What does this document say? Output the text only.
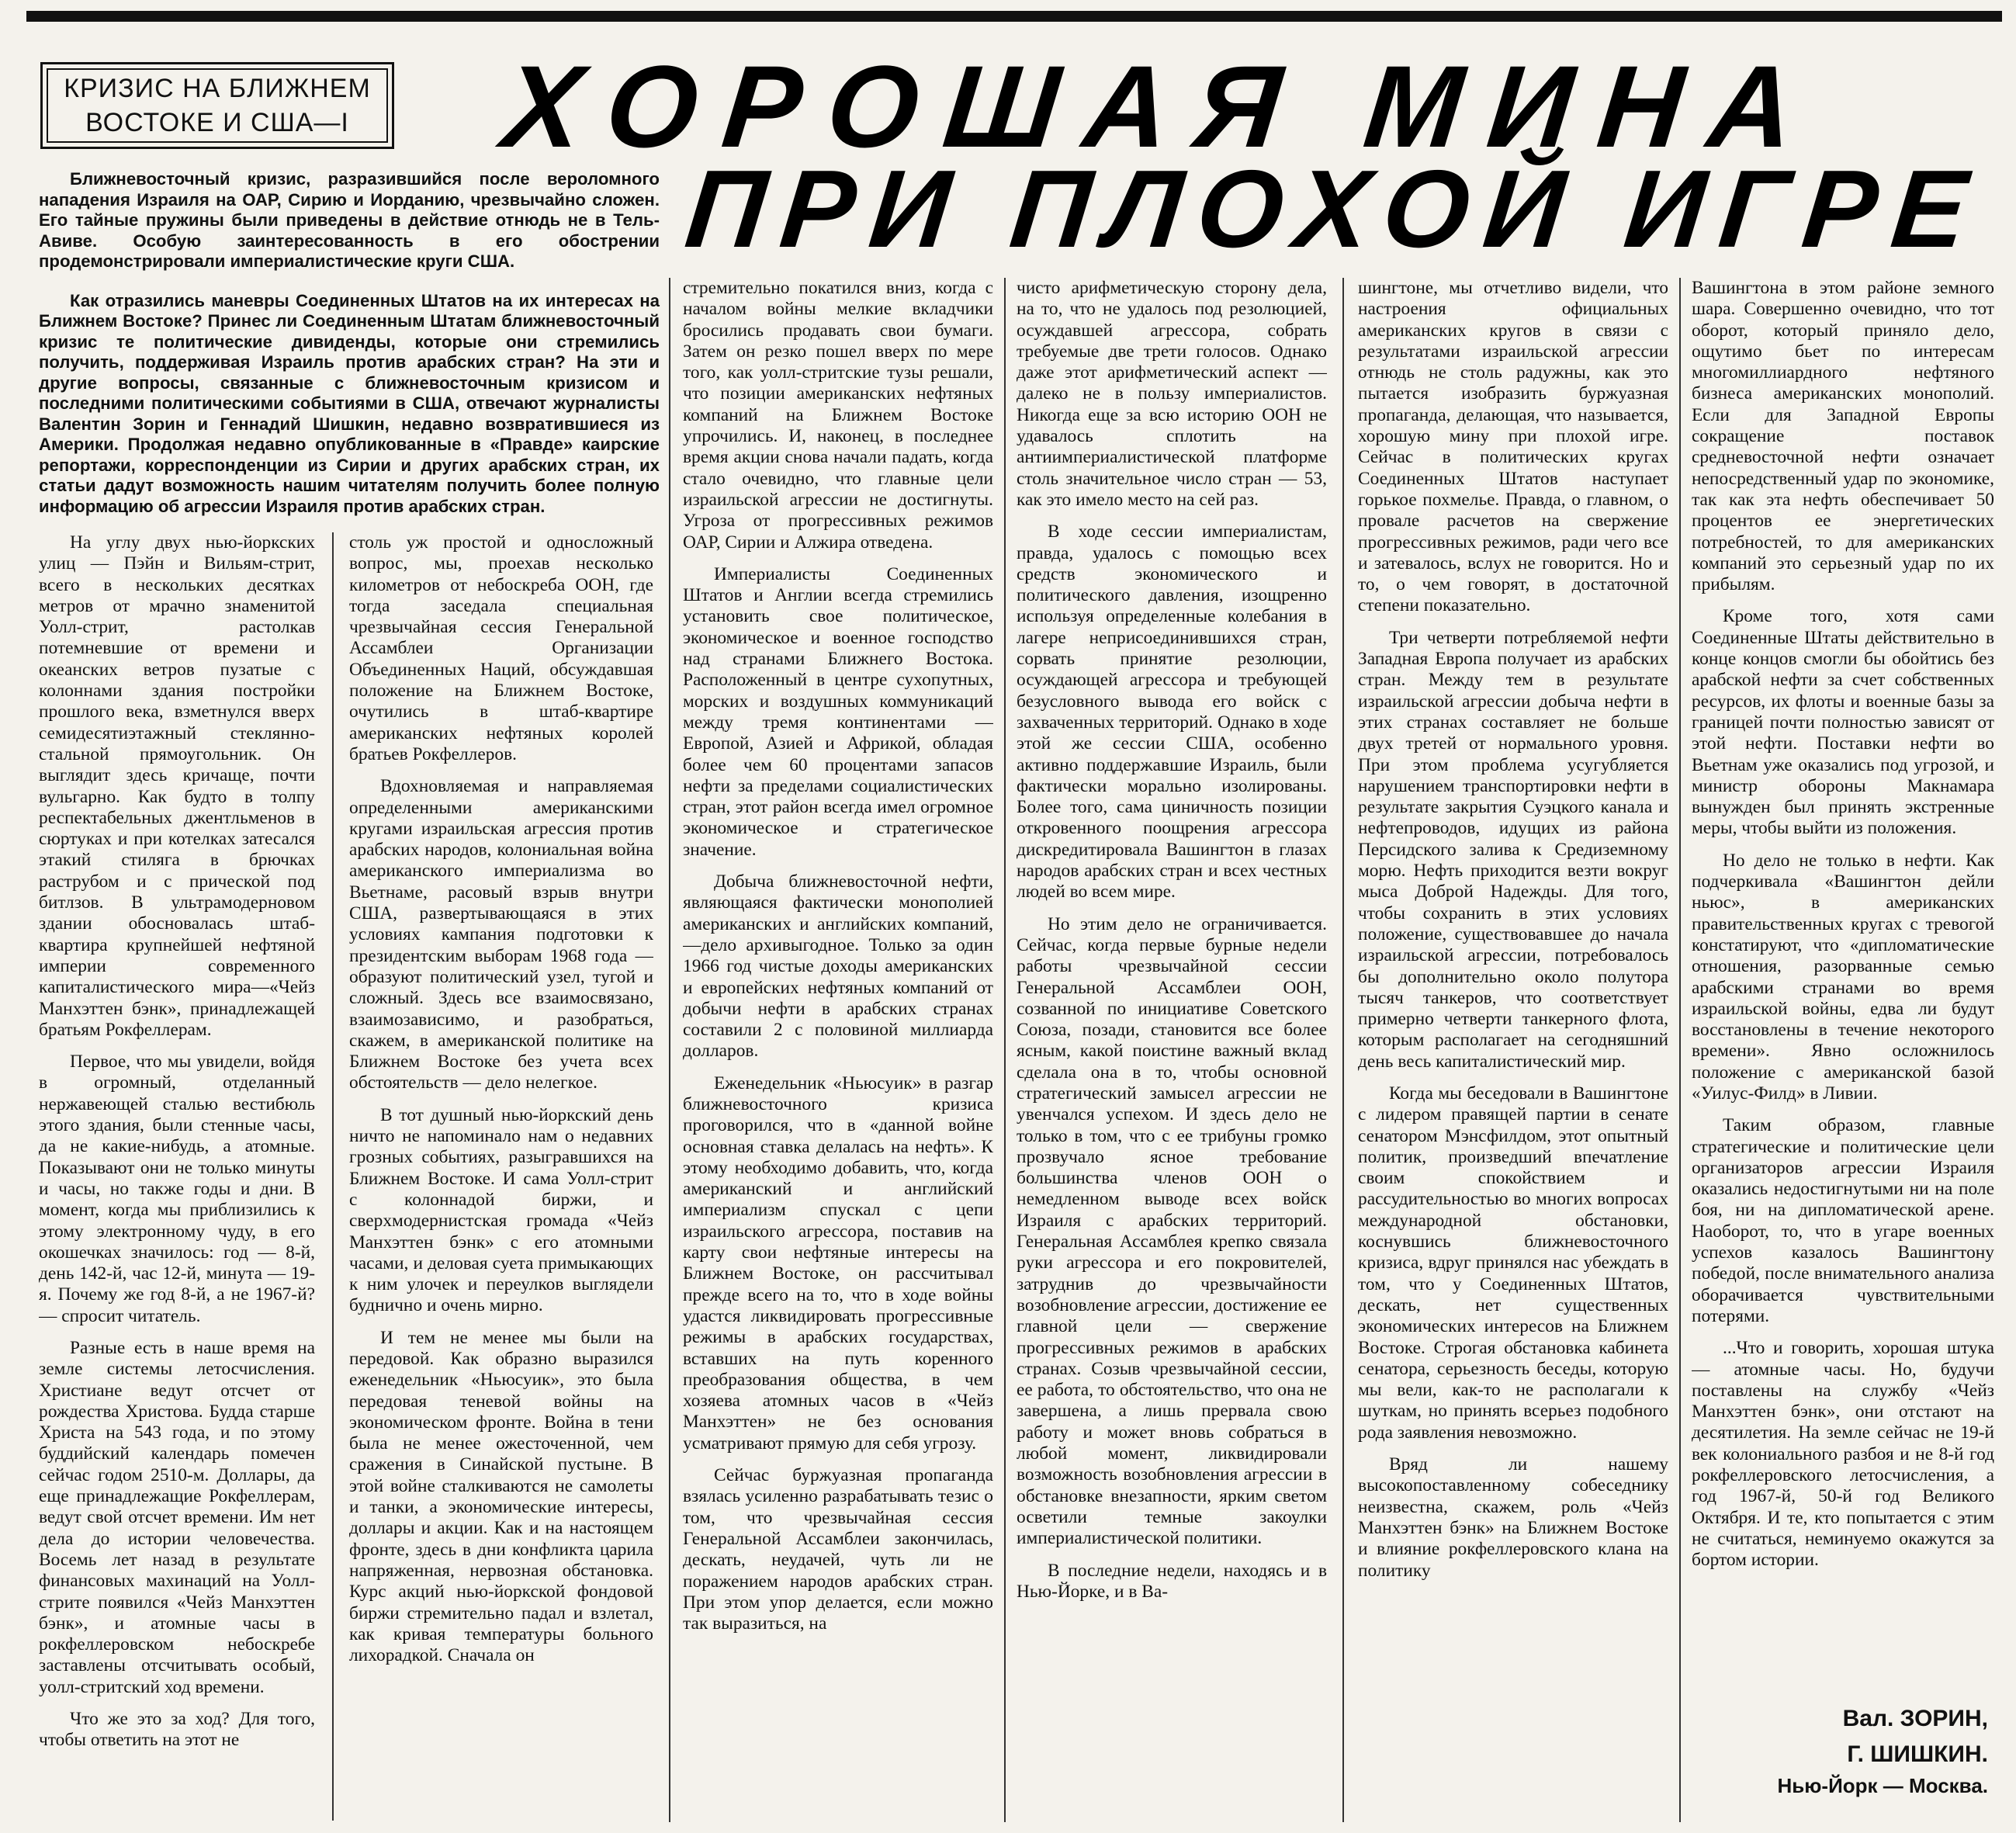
КРИЗИС НА БЛИЖНЕМ
ВОСТОКЕ И США—I	ХОРОШАЯ МИНА
ПРИ ПЛОХОЙ ИГРЕ

Ближневосточный кризис, разразившийся после вероломного нападения Израиля на ОАР, Сирию и Иорданию, чрезвычайно сложен. Его тайные пружины были приведены в действие отнюдь не в Тель-Авиве. Особую заинтересованность в его обострении продемонстрировали империалистические круги США.

Как отразились маневры Соединенных Штатов на их интересах на Ближнем Востоке? Принес ли Соединенным Штатам ближневосточный кризис те политические дивиденды, которые они стремились получить, поддерживая Израиль против арабских стран? На эти и другие вопросы, связанные с ближневосточным кризисом и последними политическими событиями в США, отвечают журналисты Валентин Зорин и Геннадий Шишкин, недавно возвратившиеся из Америки. Продолжая недавно опубликованные в «Правде» каирские репортажи, корреспонденции из Сирии и других арабских стран, их статьи дадут возможность нашим читателям получить более полную информацию об агрессии Израиля против арабских стран.

На углу двух нью-йоркских улиц — Пэйн и Вильям-стрит, всего в нескольких десятках метров от мрачно знаменитой Уолл-стрит, растолкав потемневшие от времени и океанских ветров пузатые с колоннами здания постройки прошлого века, взметнулся вверх семидесятиэтажный стеклянно-стальной прямоугольник. Он выглядит здесь кричаще, почти вульгарно. Как будто в толпу респектабельных джентльменов в сюртуках и при котелках затесался этакий стиляга в брючках раструбом и с прической под битлзов. В ультрамодерновом здании обосновалась штаб-квартира крупнейшей нефтяной империи современного капиталистического мира—«Чейз Манхэттен бэнк», принадлежащей братьям Рокфеллерам.

Первое, что мы увидели, войдя в огромный, отделанный нержавеющей сталью вестибюль этого здания, были стенные часы, да не какие-нибудь, а атомные. Показывают они не только минуты и часы, но также годы и дни. В момент, когда мы приблизились к этому электронному чуду, в его окошечках значилось: год — 8-й, день 142-й, час 12-й, минута — 19-я. Почему же год 8-й, а не 1967-й? — спросит читатель.

Разные есть в наше время на земле системы летосчисления. Христиане ведут отсчет от рождества Христова. Будда старше Христа на 543 года, и по этому буддийский календарь помечен сейчас годом 2510-м. Доллары, да еще принадлежащие Рокфеллерам, ведут свой отсчет времени. Им нет дела до истории человечества. Восемь лет назад в результате финансовых махинаций на Уолл-стрите появился «Чейз Манхэттен бэнк», и атомные часы в рокфеллеровском небоскребе заставлены отсчитывать особый, уолл-стритский ход времени.

Что же это за ход? Для того, чтобы ответить на этот не

столь уж простой и односложный вопрос, мы, проехав несколько километров от небоскреба ООН, где тогда заседала специальная чрезвычайная сессия Генеральной Ассамблеи Организации Объединенных Наций, обсуждавшая положение на Ближнем Востоке, очутились в штаб-квартире американских нефтяных королей братьев Рокфеллеров.

Вдохновляемая и направляемая определенными американскими кругами израильская агрессия против арабских народов, колониальная война американского империализма во Вьетнаме, расовый взрыв внутри США, развертывающаяся в этих условиях кампания подготовки к президентским выборам 1968 года — образуют политический узел, тугой и сложный. Здесь все взаимосвязано, взаимозависимо, и разобраться, скажем, в американской политике на Ближнем Востоке без учета всех обстоятельств — дело нелегкое.

В тот душный нью-йоркский день ничто не напоминало нам о недавних грозных событиях, разыгравшихся на Ближнем Востоке. И сама Уолл-стрит с колоннадой биржи, и сверхмодернистская громада «Чейз Манхэттен бэнк» с его атомными часами, и деловая суета примыкающих к ним улочек и переулков выглядели буднично и очень мирно.

И тем не менее мы были на передовой. Как образно выразился еженедельник «Ньюсуик», это была передовая теневой войны на экономическом фронте. Война в тени была не менее ожесточенной, чем сражения в Синайской пустыне. В этой войне сталкиваются не самолеты и танки, а экономические интересы, доллары и акции. Как и на настоящем фронте, здесь в дни конфликта царила напряженная, нервозная обстановка. Курс акций нью-йоркской фондовой биржи стремительно падал и взлетал, как кривая температуры больного лихорадкой. Сначала он

стремительно покатился вниз, когда с началом войны мелкие вкладчики бросились продавать свои бумаги. Затем он резко пошел вверх по мере того, как уолл-стритские тузы решали, что позиции американских нефтяных компаний на Ближнем Востоке упрочились. И, наконец, в последнее время акции снова начали падать, когда стало очевидно, что главные цели израильской агрессии не достигнуты. Угроза от прогрессивных режимов ОАР, Сирии и Алжира отведена.

Империалисты Соединенных Штатов и Англии всегда стремились установить свое политическое, экономическое и военное господство над странами Ближнего Востока. Расположенный в центре сухопутных, морских и воздушных коммуникаций между тремя континентами — Европой, Азией и Африкой, обладая более чем 60 процентами запасов нефти за пределами социалистических стран, этот район всегда имел огромное экономическое и стратегическое значение.

Добыча ближневосточной нефти, являющаяся фактически монополией американских и английских компаний,—дело архивыгодное. Только за один 1966 год чистые доходы американских и европейских нефтяных компаний от добычи нефти в арабских странах составили 2 с половиной миллиарда долларов.

Еженедельник «Ньюсуик» в разгар ближневосточного кризиса проговорился, что в «данной войне основная ставка делалась на нефть». К этому необходимо добавить, что, когда американский и английский империализм спускал с цепи израильского агрессора, поставив на карту свои нефтяные интересы на Ближнем Востоке, он рассчитывал прежде всего на то, что в ходе войны удастся ликвидировать прогрессивные режимы в арабских государствах, вставших на путь коренного преобразования общества, в чем хозяева атомных часов в «Чейз Манхэттен» не без основания усматривают прямую для себя угрозу.

Сейчас буржуазная пропаганда взялась усиленно разрабатывать тезис о том, что чрезвычайная сессия Генеральной Ассамблеи закончилась, дескать, неудачей, чуть ли не поражением народов арабских стран. При этом упор делается, если можно так выразиться, на

чисто арифметическую сторону дела, на то, что не удалось под резолюцией, осуждавшей агрессора, собрать требуемые две трети голосов. Однако даже этот арифметический аспект — далеко не в пользу империалистов. Никогда еще за всю историю ООН не удавалось сплотить на антиимпериалистической платформе столь значительное число стран — 53, как это имело место на сей раз.

В ходе сессии империалистам, правда, удалось с помощью всех средств экономического и политического давления, изощренно используя определенные колебания в лагере неприсоединившихся стран, сорвать принятие резолюции, осуждающей агрессора и требующей безусловного вывода его войск с захваченных территорий. Однако в ходе этой же сессии США, особенно активно поддержавшие Израиль, были фактически морально изолированы. Более того, сама циничность позиции откровенного поощрения агрессора дискредитировала Вашингтон в глазах народов арабских стран и всех честных людей во всем мире.

Но этим дело не ограничивается. Сейчас, когда первые бурные недели работы чрезвычайной сессии Генеральной Ассамблеи ООН, созванной по инициативе Советского Союза, позади, становится все более ясным, какой поистине важный вклад сделала она в то, чтобы основной стратегический замысел агрессии не увенчался успехом. И здесь дело не только в том, что с ее трибуны громко прозвучало ясное требование большинства членов ООН о немедленном выводе всех войск Израиля с арабских территорий. Генеральная Ассамблея крепко связала руки агрессора и его покровителей, затруднив до чрезвычайности возобновление агрессии, достижение ее главной цели — свержение прогрессивных режимов в арабских странах. Созыв чрезвычайной сессии, ее работа, то обстоятельство, что она не завершена, а лишь прервала свою работу и может вновь собраться в любой момент, ликвидировали возможность возобновления агрессии в обстановке внезапности, ярким светом осветили темные закоулки империалистической политики.

В последние недели, находясь и в Нью-Йорке, и в Ва-

шингтоне, мы отчетливо видели, что настроения официальных американских кругов в связи с результатами израильской агрессии отнюдь не столь радужны, как это пытается изобразить буржуазная пропаганда, делающая, что называется, хорошую мину при плохой игре. Сейчас в политических кругах Соединенных Штатов наступает горькое похмелье. Правда, о главном, о провале расчетов на свержение прогрессивных режимов, ради чего все и затевалось, вслух не говорится. Но и то, о чем говорят, в достаточной степени показательно.

Три четверти потребляемой нефти Западная Европа получает из арабских стран. Между тем в результате израильской агрессии добыча нефти в этих странах составляет не больше двух третей от нормального уровня. При этом проблема усугубляется нарушением транспортировки нефти в результате закрытия Суэцкого канала и нефтепроводов, идущих из района Персидского залива к Средиземному морю. Нефть приходится везти вокруг мыса Доброй Надежды. Для того, чтобы сохранить в этих условиях положение, существовавшее до начала израильской агрессии, потребовалось бы дополнительно около полутора тысяч танкеров, что соответствует примерно четверти танкерного флота, которым располагает на сегодняшний день весь капиталистический мир.

Когда мы беседовали в Вашингтоне с лидером правящей партии в сенате сенатором Мэнсфилдом, этот опытный политик, произведший впечатление своим спокойствием и рассудительностью во многих вопросах международной обстановки, коснувшись ближневосточного кризиса, вдруг принялся нас убеждать в том, что у Соединенных Штатов, дескать, нет существенных экономических интересов на Ближнем Востоке. Строгая обстановка кабинета сенатора, серьезность беседы, которую мы вели, как-то не располагали к шуткам, но принять всерьез подобного рода заявления невозможно.

Вряд ли нашему высокопоставленному собеседнику неизвестна, скажем, роль «Чейз Манхэттен бэнк» на Ближнем Востоке и влияние рокфеллеровского клана на политику

Вашингтона в этом районе земного шара. Совершенно очевидно, что тот оборот, который приняло дело, ощутимо бьет по интересам многомиллиардного нефтяного бизнеса американских монополий. Если для Западной Европы сокращение поставок средневосточной нефти означает непосредственный удар по экономике, так как эта нефть обеспечивает 50 процентов ее энергетических потребностей, то для американских компаний это серьезный удар по их прибылям.

Кроме того, хотя сами Соединенные Штаты действительно в конце концов смогли бы обойтись без арабской нефти за счет собственных ресурсов, их флоты и военные базы за границей почти полностью зависят от этой нефти. Поставки нефти во Вьетнам уже оказались под угрозой, и министр обороны Макнамара вынужден был принять экстренные меры, чтобы выйти из положения.

Но дело не только в нефти. Как подчеркивала «Вашингтон дейли ньюс», в американских правительственных кругах с тревогой констатируют, что «дипломатические отношения, разорванные семью арабскими странами во время израильской войны, едва ли будут восстановлены в течение некоторого времени». Явно осложнилось положение с американской базой «Уилус-Филд» в Ливии.

Таким образом, главные стратегические и политические цели организаторов агрессии Израиля оказались недостигнутыми ни на поле боя, ни на дипломатической арене. Наоборот, то, что в угаре военных успехов казалось Вашингтону победой, после внимательного анализа оборачивается чувствительными потерями.

...Что и говорить, хорошая штука — атомные часы. Но, будучи поставлены на службу «Чейз Манхэттен бэнк», они отстают на десятилетия. На земле сейчас не 19-й век колониального разбоя и не 8-й год рокфеллеровского летосчисления, а год 1967-й, 50-й год Великого Октября. И те, кто попытается с этим не считаться, неминуемо окажутся за бортом истории.

Вал. ЗОРИН,
Г. ШИШКИН.
Нью-Йорк — Москва.
